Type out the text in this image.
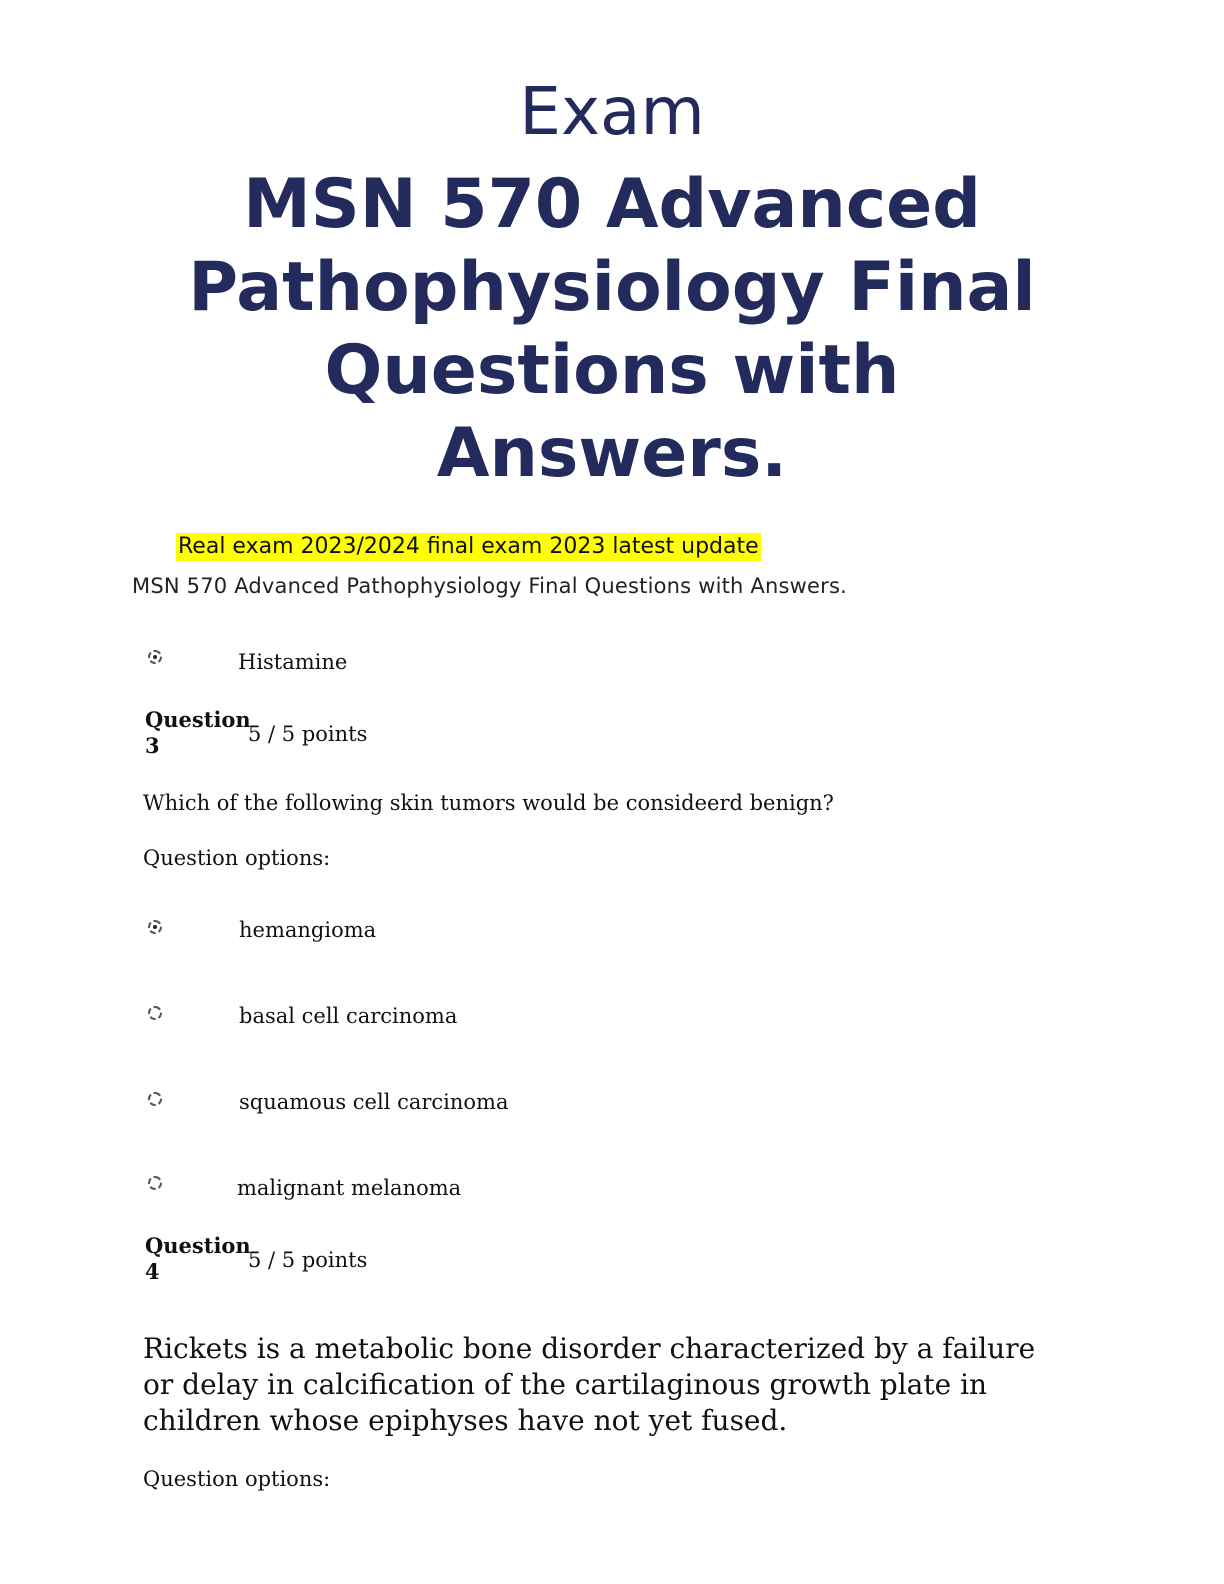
Exam
MSN 570 Advanced
Pathophysiology Final
Questions with
Answers.
Real exam 2023/2024 final exam 2023 latest update
MSN 570 Advanced Pathophysiology Final Questions with Answers.
Histamine
Question
3	5 / 5 points
Which of the following skin tumors would be consideerd benign?
Question options:
hemangioma
basal cell carcinoma
squamous cell carcinoma
malignant melanoma
Question
4	5 / 5 points
Rickets is a metabolic bone disorder characterized by a failure or delay in calcification of the cartilaginous growth plate in children whose epiphyses have not yet fused.
Question options:
